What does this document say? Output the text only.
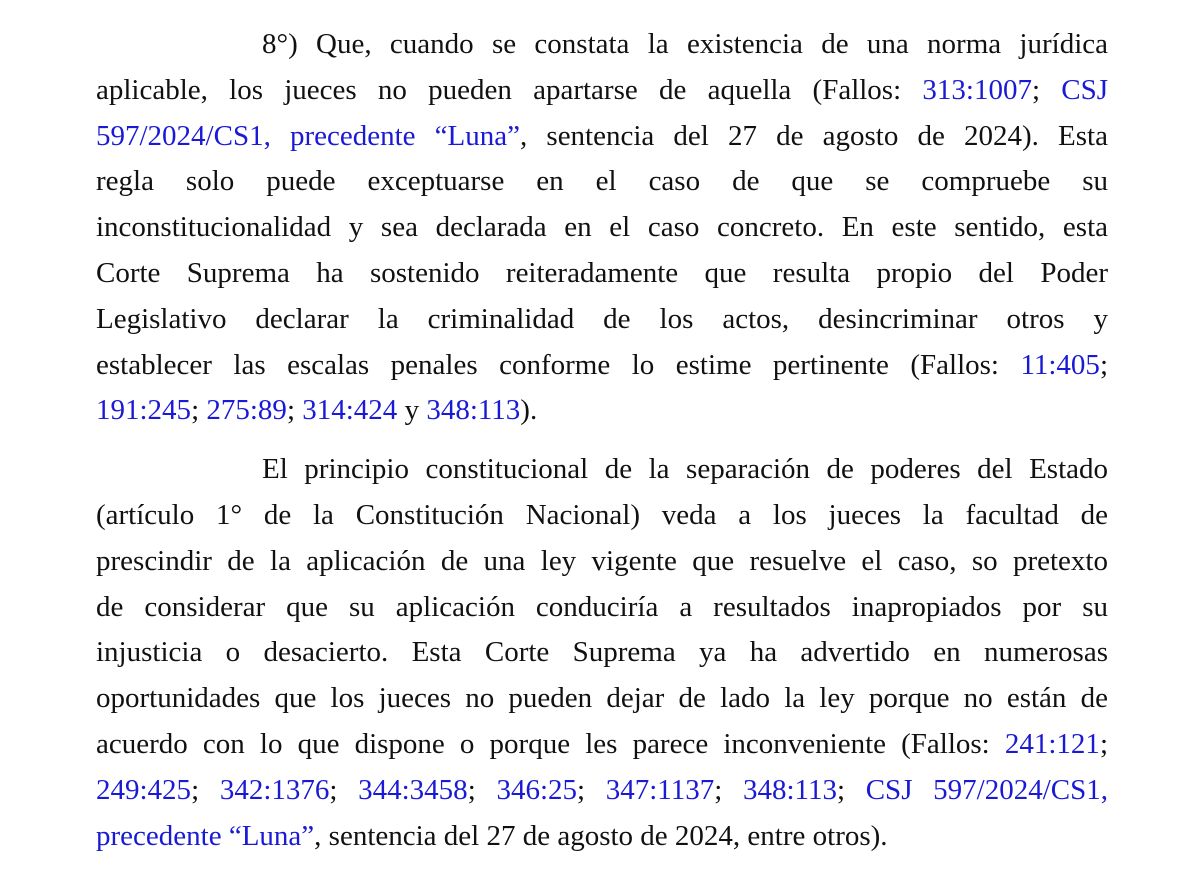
8°) Que, cuando se constata la existencia de una norma jurídica
aplicable, los jueces no pueden apartarse de aquella (Fallos: 313:1007; CSJ
597/2024/CS1, precedente “Luna”, sentencia del 27 de agosto de 2024). Esta
regla solo puede exceptuarse en el caso de que se compruebe su
inconstitucionalidad y sea declarada en el caso concreto. En este sentido, esta
Corte Suprema ha sostenido reiteradamente que resulta propio del Poder
Legislativo declarar la criminalidad de los actos, desincriminar otros y
establecer las escalas penales conforme lo estime pertinente (Fallos: 11:405;
191:245; 275:89; 314:424 y 348:113).
El principio constitucional de la separación de poderes del Estado
(artículo 1° de la Constitución Nacional) veda a los jueces la facultad de
prescindir de la aplicación de una ley vigente que resuelve el caso, so pretexto
de considerar que su aplicación conduciría a resultados inapropiados por su
injusticia o desacierto. Esta Corte Suprema ya ha advertido en numerosas
oportunidades que los jueces no pueden dejar de lado la ley porque no están de
acuerdo con lo que dispone o porque les parece inconveniente (Fallos: 241:121;
249:425; 342:1376; 344:3458; 346:25; 347:1137; 348:113; CSJ 597/2024/CS1,
precedente “Luna”, sentencia del 27 de agosto de 2024, entre otros).
